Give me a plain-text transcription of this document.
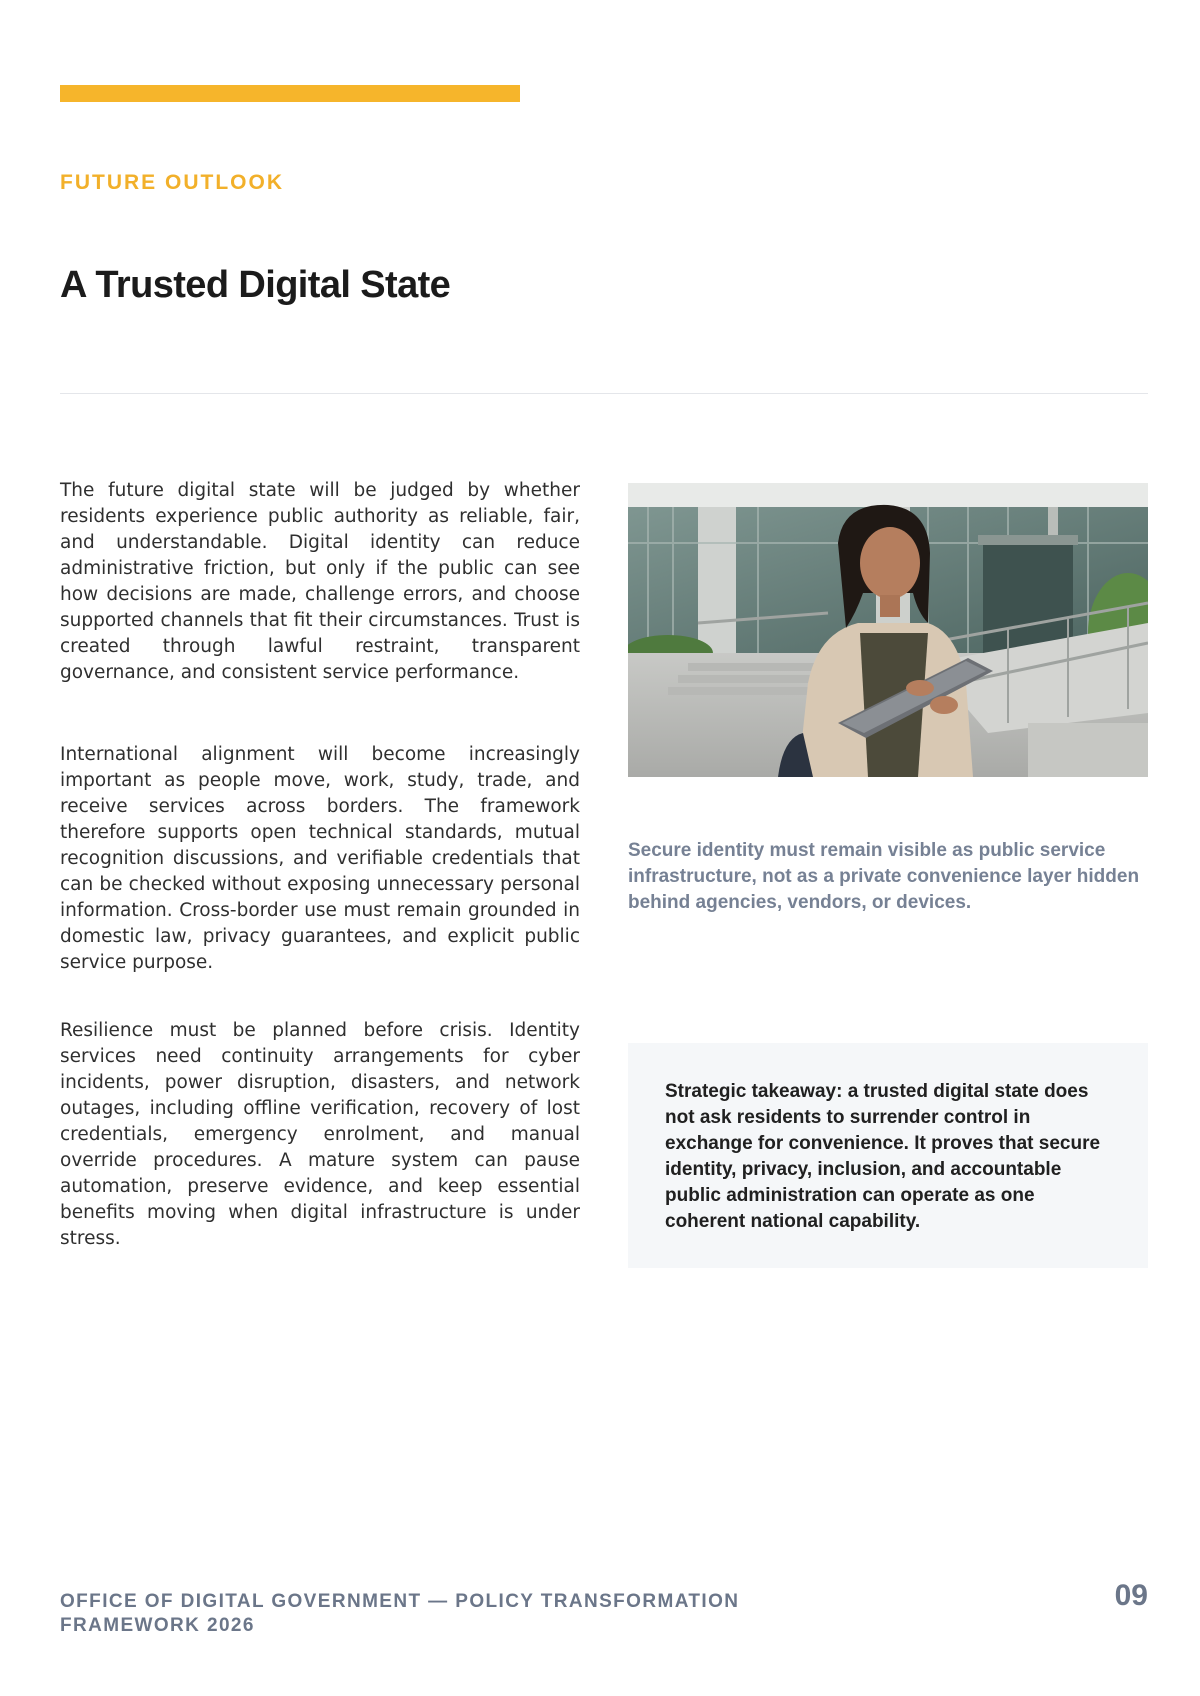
FUTURE OUTLOOK
A Trusted Digital State

The future digital state will be judged by whether residents experience public authority as reliable, fair, and understandable. Digital identity can reduce administrative friction, but only if the public can see how decisions are made, challenge errors, and choose supported channels that fit their circumstances. Trust is created through lawful restraint, transparent governance, and consistent service performance.

International alignment will become increasingly important as people move, work, study, trade, and receive services across borders. The framework therefore supports open technical standards, mutual recognition discussions, and verifiable credentials that can be checked without exposing unnecessary personal information. Cross-border use must remain grounded in domestic law, privacy guarantees, and explicit public service purpose.

Resilience must be planned before crisis. Identity services need continuity arrangements for cyber incidents, power disruption, disasters, and network outages, including offline verification, recovery of lost credentials, emergency enrolment, and manual override procedures. A mature system can pause automation, preserve evidence, and keep essential benefits moving when digital infrastructure is under stress.

Secure identity must remain visible as public service infrastructure, not as a private convenience layer hidden behind agencies, vendors, or devices.

Strategic takeaway: a trusted digital state does not ask residents to surrender control in exchange for convenience. It proves that secure identity, privacy, inclusion, and accountable public administration can operate as one coherent national capability.

OFFICE OF DIGITAL GOVERNMENT — POLICY TRANSFORMATION FRAMEWORK 2026

09
